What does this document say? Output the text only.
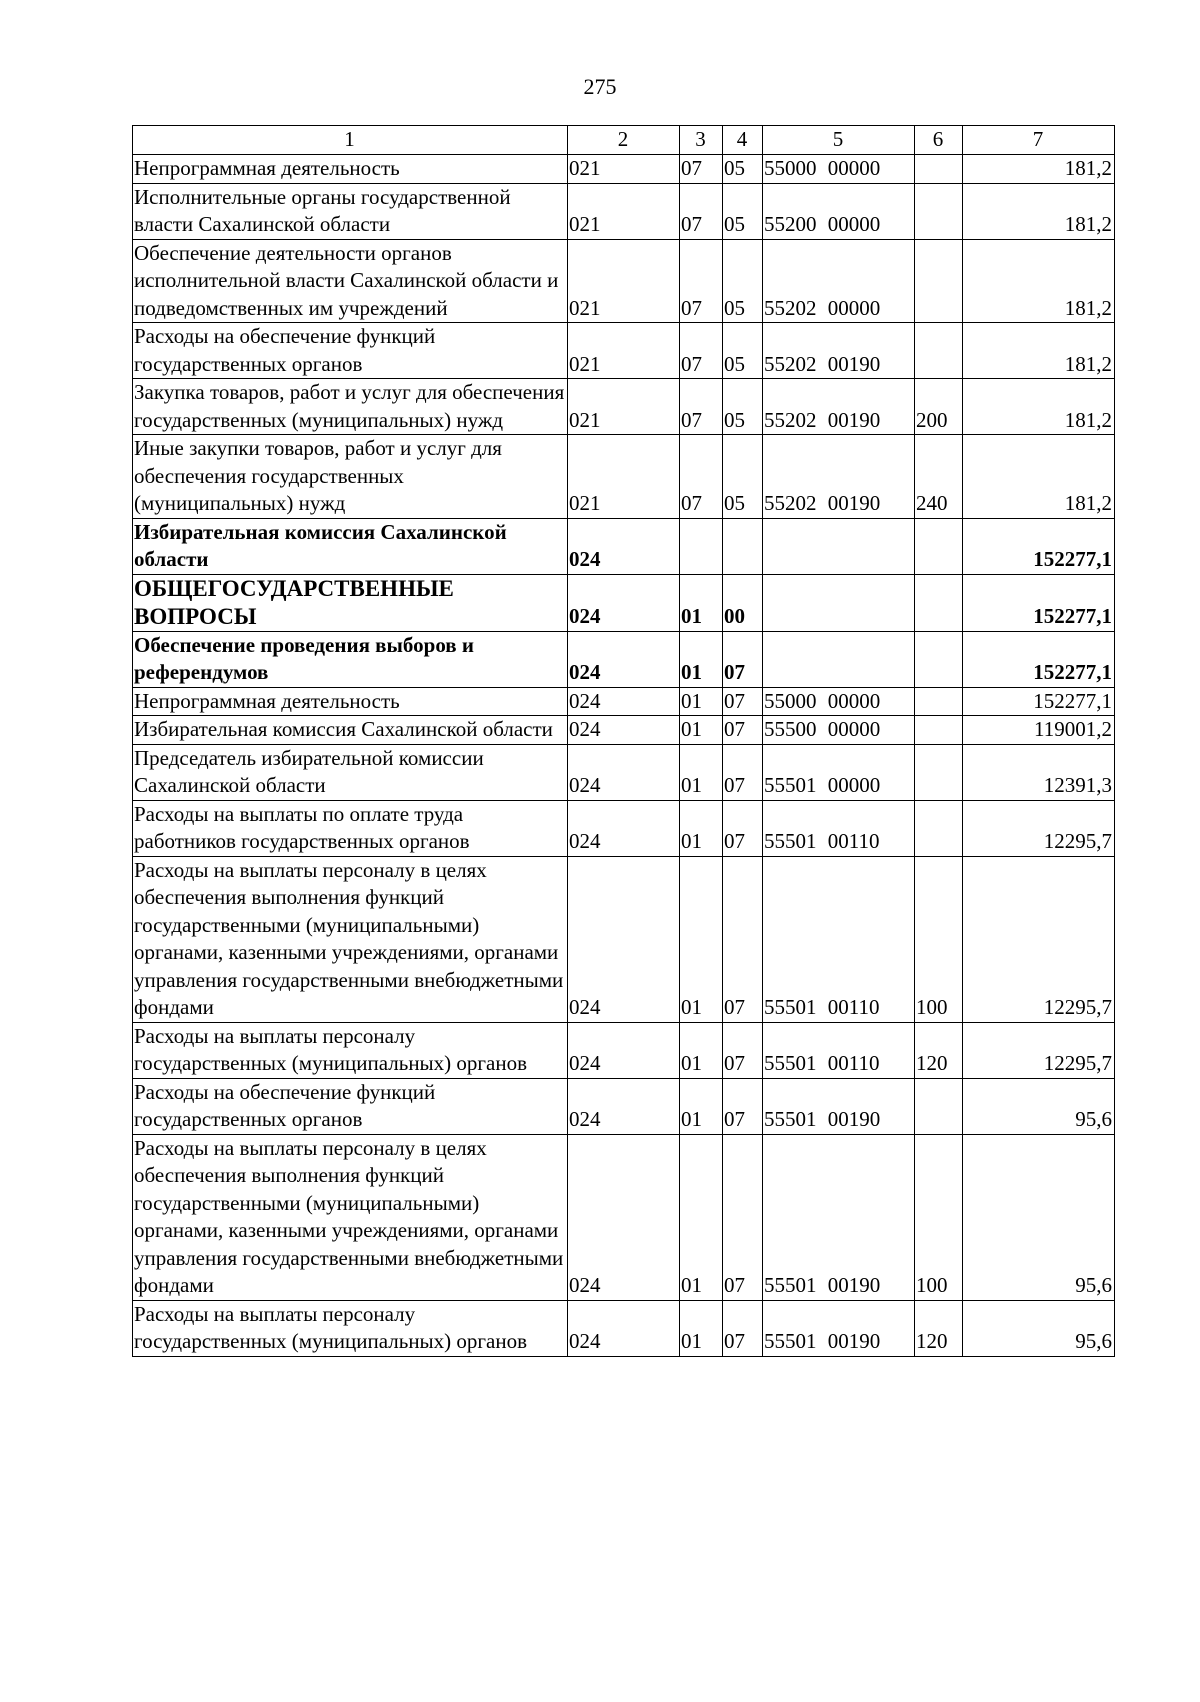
275
1	2	3	4	5	6	7
Непрограммная деятельность	021	07	05	55000 00000		181,2
Исполнительные органы государственной власти Сахалинской области	021	07	05	55200 00000		181,2
Обеспечение деятельности органов исполнительной власти Сахалинской области и подведомственных им учреждений	021	07	05	55202 00000		181,2
Расходы на обеспечение функций государственных органов	021	07	05	55202 00190		181,2
Закупка товаров, работ и услуг для обеспечения государственных (муниципальных) нужд	021	07	05	55202 00190	200	181,2
Иные закупки товаров, работ и услуг для обеспечения государственных (муниципальных) нужд	021	07	05	55202 00190	240	181,2
Избирательная комиссия Сахалинской области	024					152277,1
ОБЩЕГОСУДАРСТВЕННЫЕ ВОПРОСЫ	024	01	00			152277,1
Обеспечение проведения выборов и референдумов	024	01	07			152277,1
Непрограммная деятельность	024	01	07	55000 00000		152277,1
Избирательная комиссия Сахалинской области	024	01	07	55500 00000		119001,2
Председатель избирательной комиссии Сахалинской области	024	01	07	55501 00000		12391,3
Расходы на выплаты по оплате труда работников государственных органов	024	01	07	55501 00110		12295,7
Расходы на выплаты персоналу в целях обеспечения выполнения функций государственными (муниципальными) органами, казенными учреждениями, органами управления государственными внебюджетными фондами	024	01	07	55501 00110	100	12295,7
Расходы на выплаты персоналу государственных (муниципальных) органов	024	01	07	55501 00110	120	12295,7
Расходы на обеспечение функций государственных органов	024	01	07	55501 00190		95,6
Расходы на выплаты персоналу в целях обеспечения выполнения функций государственными (муниципальными) органами, казенными учреждениями, органами управления государственными внебюджетными фондами	024	01	07	55501 00190	100	95,6
Расходы на выплаты персоналу государственных (муниципальных) органов	024	01	07	55501 00190	120	95,6
